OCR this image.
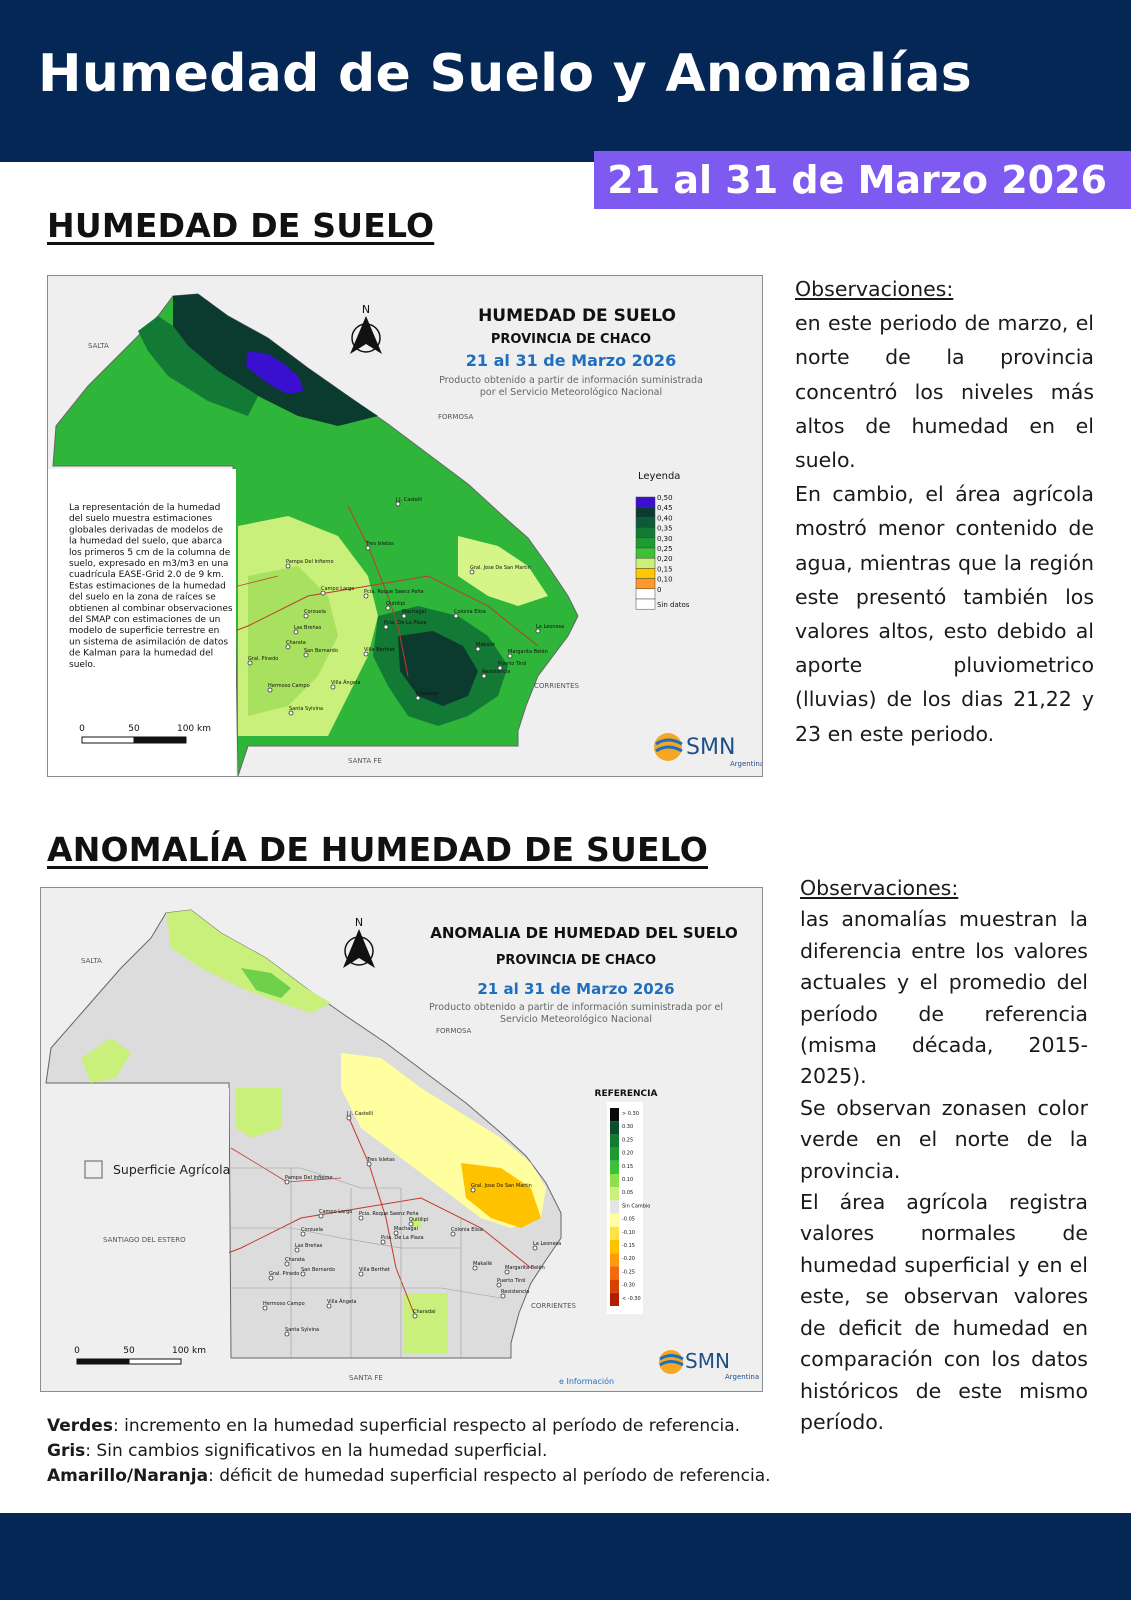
Humedad de Suelo y Anomalías
21 al 31 de Marzo 2026
HUMEDAD DE SUELO
SALTA
FORMOSA
CORRIENTES
SANTA FE
HUMEDAD DE SUELO
PROVINCIA DE CHACO
21 al 31 de Marzo 2026
Producto obtenido a partir de información suministrada
por el Servicio Meteorológico Nacional
N
Leyenda
0,50
0,45
0,40
0,35
0,30
0,25
0,20
0,15
0,10
0
Sin datos
0	50	100 km
SMN
Argentina
La representación de la humedad
del suelo muestra estimaciones
globales derivadas de modelos de
la humedad del suelo, que abarca
los primeros 5 cm de la columna de
suelo, expresado en m3/m3 en una
cuadrícula EASE-Grid 2.0 de 9 km.
Estas estimaciones de la humedad
del suelo en la zona de raíces se
obtienen al combinar observaciones
del SMAP con estimaciones de un
modelo de superficie terrestre en
un sistema de asimilación de datos
de Kalman para la humedad del
suelo.
J.J. Castelli
Tres Isletas
Gral. Jose De San Martin
Pampa Del Infierno
Campo Largo Pcia. Roque Saenz Peña
Quitilipi
Machagai
Pcia. De La Plaza
Colonia Elisa
Corzuela
Las Breñas
Charata
San Bernardo
Gral. Pinedo
Villa Berthet
Makallé
La Leonesa
Margarita Belén
Puerto Tirol
Resistencia
Hermoso Campo	Villa Ángela
Charadai
Santa Sylvina

Observaciones:

en este periodo de marzo, el norte de la provincia concentró los niveles más altos de humedad en el suelo.

En cambio, el área agrícola mostró menor contenido de agua, mientras que la región este presentó también los valores altos, esto debido al aporte pluviometrico (lluvias) de los dias 21,22 y 23 en este periodo.

ANOMALÍA DE HUMEDAD DE SUELO
Superficie Agrícola
SALTA
FORMOSA
CORRIENTES
SANTA FE
SANTIAGO DEL ESTERO
ANOMALIA DE HUMEDAD DEL SUELO
PROVINCIA DE CHACO
21 al 31 de Marzo 2026
Producto obtenido a partir de información suministrada por el
Servicio Meteorológico Nacional
N
REFERENCIA
> 0.30
0.30
0.25
0.20
0.15
0.10
0.05
Sin Cambio
-0.05
-0.10
-0.15
-0.20
-0.25
-0.30
< -0.30
0	50	100 km	SMN
Argentina
e Información
J.J. Castelli
Tres Isletas
Pampa Del Infierno
Gral. Jose De San Martin
Campo Largo Pcia. Roque Saenz Peña
Quitilipi
Corzuela	Machagai
Pcia. De La Plaza
Colonia Elisa
La Leonesa
Las Breñas
Charata
San Bernardo
Gral. Pinedo
Villa Berthet
Makallé
Margarita Belén
Puerto Tirol
Resistencia
Hermoso Campo	Villa Ángela
Charadai
Santa Sylvina

Observaciones:

las anomalías muestran la diferencia entre los valores actuales y el promedio del período de referencia (misma década, 2015-2025).

Se observan zonasen color verde en el norte de la provincia.

El área agrícola registra valores normales de humedad superficial y en el este, se observan valores de deficit de humedad en comparación con los datos históricos de este mismo período.

Verdes: incremento en la humedad superficial respecto al período de referencia.
Gris: Sin cambios significativos en la humedad superficial.
Amarillo/Naranja: déficit de humedad superficial respecto al período de referencia.
